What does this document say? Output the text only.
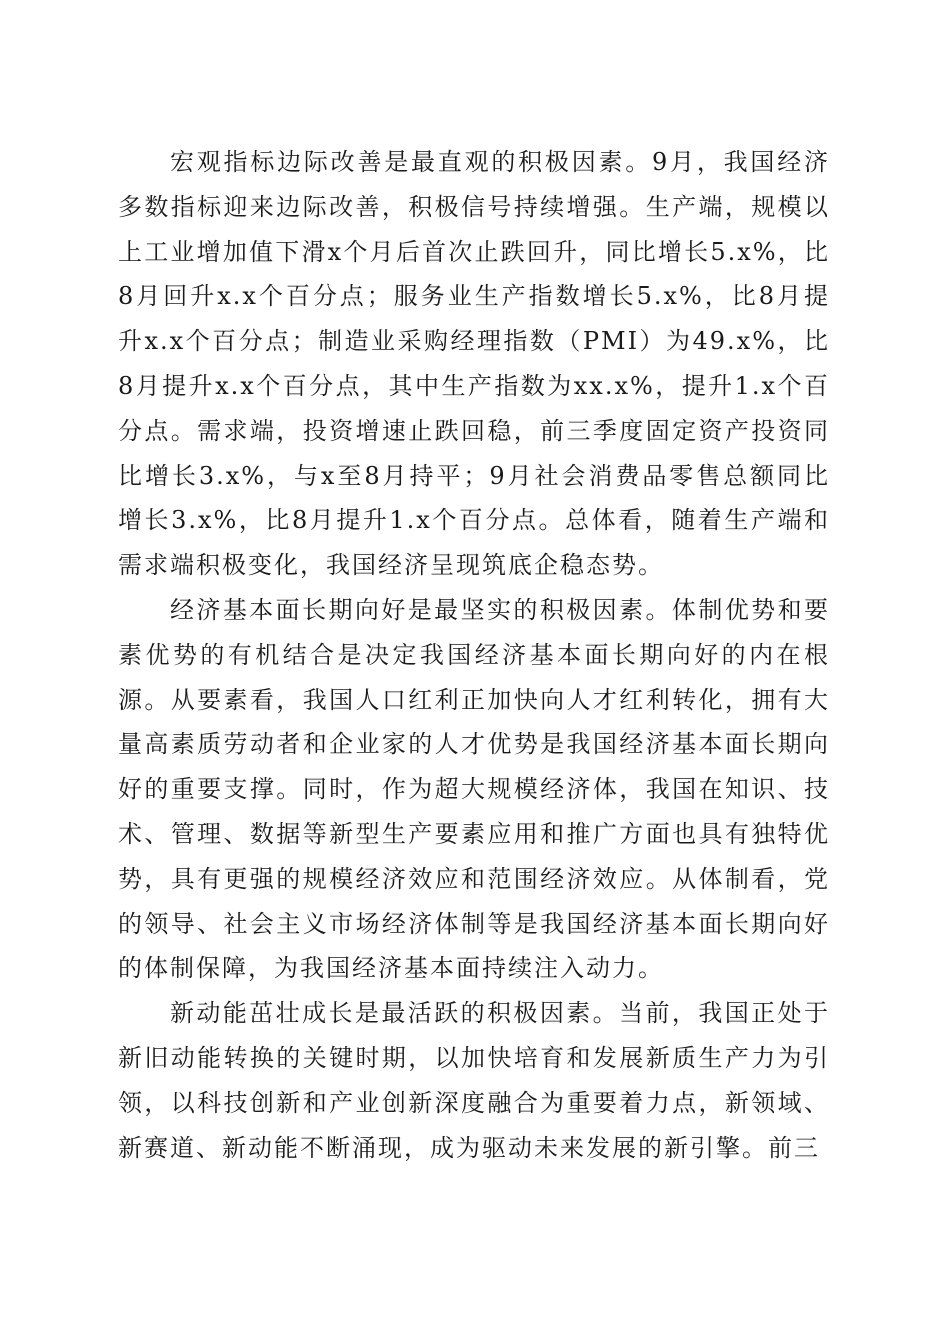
宏观指标边际改善是最直观的积极因素。9月，我国经济多数指标迎来边际改善，积极信号持续增强。生产端，规模以上工业增加值下滑x个月后首次止跌回升，同比增长5.x%，比8月回升x.x个百分点；服务业生产指数增长5.x%，比8月提升x.x个百分点；制造业采购经理指数（PMI）为49.x%，比8月提升x.x个百分点，其中生产指数为xx.x%，提升1.x个百分点。需求端，投资增速止跌回稳，前三季度固定资产投资同比增长3.x%，与x至8月持平；9月社会消费品零售总额同比增长3.x%，比8月提升1.x个百分点。总体看，随着生产端和需求端积极变化，我国经济呈现筑底企稳态势。

经济基本面长期向好是最坚实的积极因素。体制优势和要素优势的有机结合是决定我国经济基本面长期向好的内在根源。从要素看，我国人口红利正加快向人才红利转化，拥有大量高素质劳动者和企业家的人才优势是我国经济基本面长期向好的重要支撑。同时，作为超大规模经济体，我国在知识、技术、管理、数据等新型生产要素应用和推广方面也具有独特优势，具有更强的规模经济效应和范围经济效应。从体制看，党的领导、社会主义市场经济体制等是我国经济基本面长期向好的体制保障，为我国经济基本面持续注入动力。

新动能茁壮成长是最活跃的积极因素。当前，我国正处于新旧动能转换的关键时期，以加快培育和发展新质生产力为引领，以科技创新和产业创新深度融合为重要着力点，新领域、新赛道、新动能不断涌现，成为驱动未来发展的新引擎。前三
